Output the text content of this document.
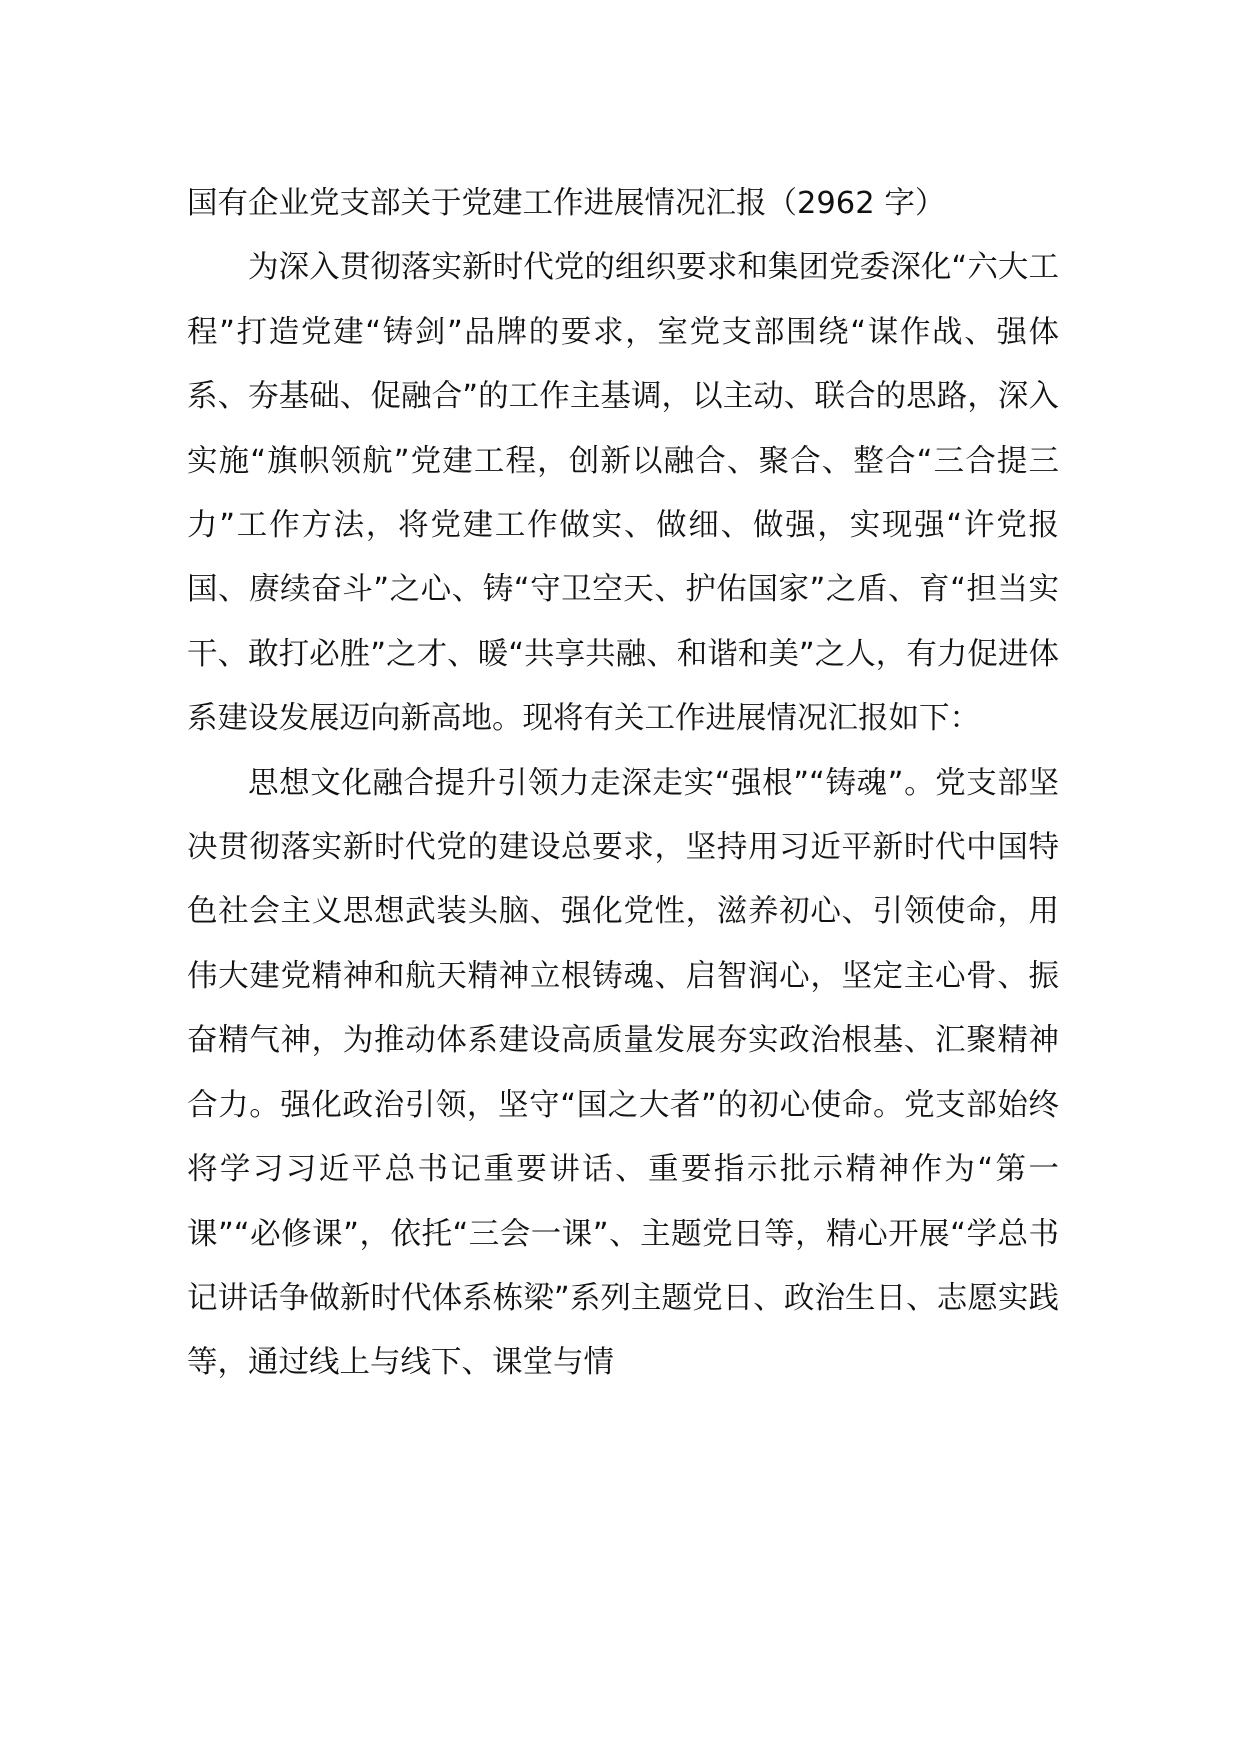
国有企业党支部关于党建工作进展情况汇报（2962 字）

为深入贯彻落实新时代党的组织要求和集团党委深化“六大工程”打造党建“铸剑”品牌的要求，室党支部围绕“谋作战、强体系、夯基础、促融合”的工作主基调，以主动、联合的思路，深入实施“旗帜领航”党建工程，创新以融合、聚合、整合“三合提三力”工作方法，将党建工作做实、做细、做强，实现强“许党报国、赓续奋斗”之心、铸“守卫空天、护佑国家”之盾、育“担当实干、敢打必胜”之才、暖“共享共融、和谐和美”之人，有力促进体系建设发展迈向新高地。现将有关工作进展情况汇报如下：

思想文化融合提升引领力走深走实“强根”“铸魂”。党支部坚决贯彻落实新时代党的建设总要求，坚持用习近平新时代中国特色社会主义思想武装头脑、强化党性，滋养初心、引领使命，用伟大建党精神和航天精神立根铸魂、启智润心，坚定主心骨、振奋精气神，为推动体系建设高质量发展夯实政治根基、汇聚精神合力。强化政治引领，坚守“国之大者”的初心使命。党支部始终将学习习近平总书记重要讲话、重要指示批示精神作为“第一课”“必修课”，依托“三会一课”、主题党日等，精心开展“学总书记讲话争做新时代体系栋梁”系列主题党日、政治生日、志愿实践等，通过线上与线下、课堂与情
